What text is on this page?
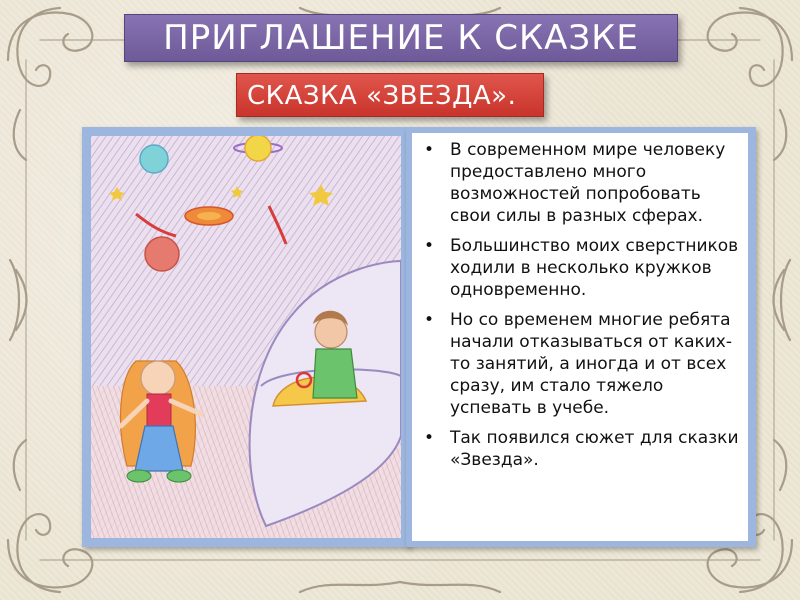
ПРИГЛАШЕНИЕ К СКАЗКЕ
СКАЗКА «ЗВЕЗДА».
• В современном мире человеку предоставлено много возможностей попробовать свои силы в разных сферах.
• Большинство моих сверстников ходили в несколько кружков одновременно.
• Но со временем многие ребята начали отказываться от каких-то занятий, а иногда и от всех сразу, им стало тяжело успевать в учебе.
• Так появился сюжет для сказки «Звезда».
